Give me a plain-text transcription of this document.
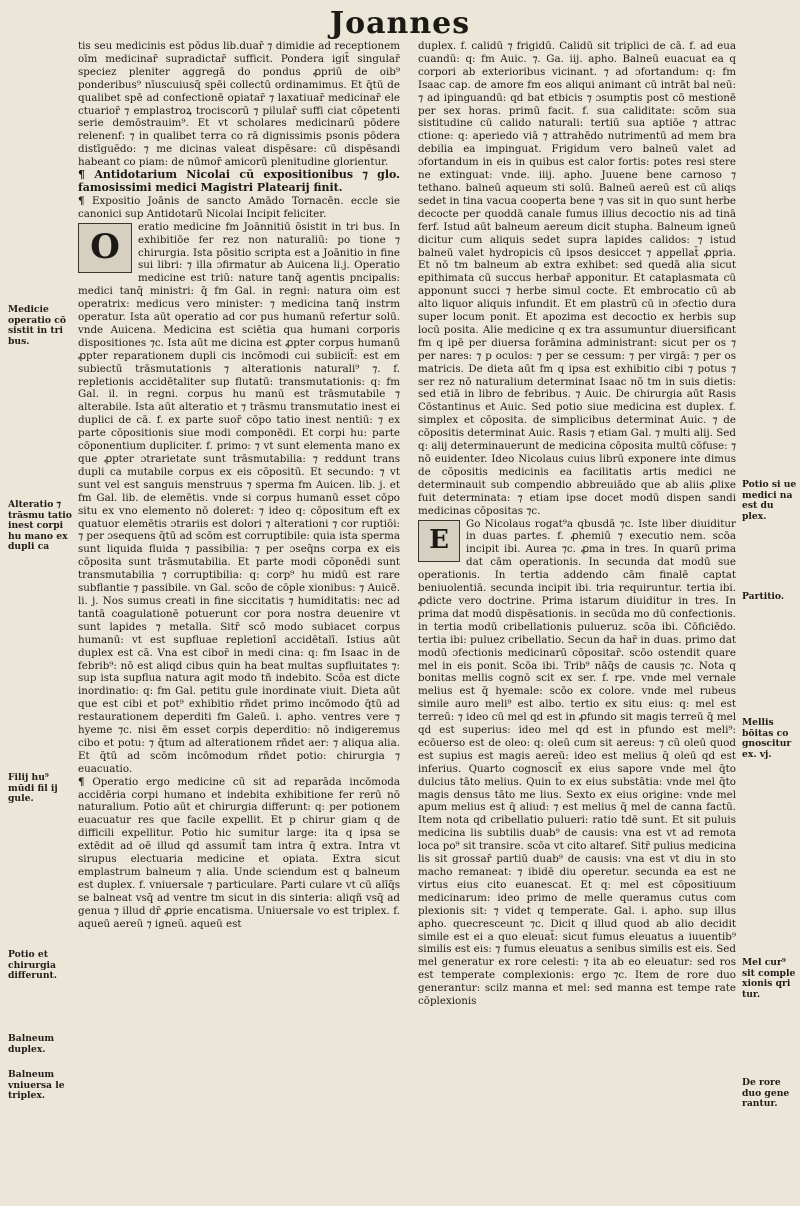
Joannes
Medicie operatio cō sistit in tri bus.
Alteratio ⁊ trāsmu tatio inest corpi hu mano ex dupli ca
Filij hu⁹ mūdi fil ij gule.
Potio et chirurgia differunt.
Balneum duplex.
Balneum vniuersa le triplex.
Potio si ue medici na est du plex.
Partitio.
Mellis bōitas co gnoscitur ex. vj.
Mel cur⁹ sit comple xionis qri tur.
De rore duo gene rantur.

tis seu medicinis est pōdus lib.duar̄ ⁊ dimidie ad receptionem oīm medicinar̄ supradictar̄ sufficit. Pondera igit̄ singular̄ speciez pleniter aggregā do pondus ꝓpriū de oib⁹ ponderibus⁹ nīuscuiusq̄ spēi collectū ordinamimus. Et q̄tū de qualibet spē ad confectionē opiatar̄ ⁊ laxatiuar̄ medicinar̄ ele ctuarior̄ ⁊ emplastroꝝ trociscorū ⁊ pilular̄ suffi ciat cōpetenti serie demōstrauim⁹. Et vt scholares medicinarū pōdere relenenf: ⁊ in qualibet terra co rā dignissimis psonis pōdera distīguēdo: ⁊ me dicinas valeat dispēsare: cū dispēsandi habeant co piam: de nūmor̄ amicorū plenitudine glorientur.

¶ Antidotarium Nicolai cū expositionibus ⁊ glo. famosissimi medici Magistri Platearij finit.

¶ Expositio Joānis de sancto Amādo Tornacēn. eccle sie canonici sup Antidotarū Nicolai Incipit feliciter.

O
eratio medicine fm Joānnitiū ōsistit in tri bus. In exhibitiōe fer rez non naturaliū: po tione ⁊ chirurgia. Ista pōsitio scripta est a Joānitio in fine sui libri: ⁊ illa ɔfirmatur ab Auicena li.j. Operatio medicine est triū: nature tanq̄ agentis pncipalis: medici tanq̄ ministri: q̄ fm Gal. in regni: natura oim est operatrix: medicus vero minister: ⁊ medicina tanq̄ instrm operatur. Ista aūt operatio ad cor pus humanū refertur solū. vnde Auicena. Medicina est sciētia qua humani corporis dispositiones ⁊c. Ista aūt me dicina est ꝓpter corpus humanū ꝓpter reparationem dupli cis incōmodi cui subiicit̄: est em subiectū trāsmutationis ⁊ alterationis naturali⁹ ⁊. f. repletionis accidētaliter sup flutatū: transmutationis: q: fm Gal. il. in regni. corpus hu manū est trāsmutabile ⁊ alterabile. Ista aūt alteratio et ⁊ trāsmu transmutatio inest ei duplici de cā. f. ex parte suor̄ cōpo tatio inest nentiū: ⁊ ex parte cōpositionis siue modi componēdi. Et corpi hu: parte cōponentium dupliciter. f. primo: ⁊ vt sunt elementa mano ex que ꝓpter ɔtrarietate sunt trāsmutabilia: ⁊ reddunt trans dupli ca mutabile corpus ex eis cōpositū. Et secundo: ⁊ vt sunt vel est sanguis menstruus ⁊ sperma fm Auicen. lib. j. et fm Gal. lib. de elemētis. vnde si corpus humanū esset cōpo situ ex vno elemento nō doleret: ⁊ ideo q: cōpositum eft ex quatuor elemētis ɔtrariis est dolori ⁊ alterationi ⁊ cor ruptiōi: ⁊ per ɔsequens q̄tū ad scōm est corruptibile: quia ista sperma sunt liquida fluida ⁊ passibilia: ⁊ per ɔseq̄ns corpa ex eis cōposita sunt trāsmutabilia. Et parte modi cōponēdi sunt transmutabilia ⁊ corruptibilia: q: corp⁹ hu midū est rare subflantie ⁊ passibile. vn Gal. scōo de cōple xionibus: ⁊ Auicē. li. j. Nos sumus creati in fine siccitatis ⁊ humiditatis: nec ad tantā coagulationē potuerunt cor pora nostra deuenire vt sunt lapides ⁊ metalla. Sitr̄ scō modo subiacet corpus humanū: vt est supfluae repletionī accidētalī. Istius aūt duplex est cā. Vna est cibor̄ in medi cina: q: fm Isaac in de febrib⁹: nō est aliqd cibus quin ha beat multas supfluitates ⁊: sup ista supflua natura agit modo tñ indebito. Scōa est dicte inordinatio: q: fm Gal. petitu gule inordinate viuit. Dieta aūt que est cibi et pot⁹ exhibitio rñdet primo incōmodo q̄tū ad restaurationem deperditi fm Galeū. i. apho. ventres vere ⁊ hyeme ⁊c. nisi ēm esset corpis deperditio: nō indigeremus cibo et potu: ⁊ q̄tum ad alterationem rñdet aer: ⁊ aliqua alia. Et q̄tū ad scōm incōmodum rñdet potio: chirurgia ⁊ euacuatio.

¶ Operatio ergo medicine cū sit ad reparāda incōmoda accidēria corpi humano et indebita exhibitione fer rerū nō naturalium. Potio aūt et chirurgia differunt: q: per potionem euacuatur res que facile expellit. Et p chirur giam q de difficili expellitur. Potio hic sumitur large: ita q ipsa se extēdit ad oē illud qd assumit̄ tam intra q̄ extra. Intra vt sirupus electuaria medicine et opiata. Extra sicut emplastrum balneum ⁊ alia. Unde sciendum est q balneum est duplex. f. vniuersale ⁊ particulare. Parti culare vt cū alīq̄s se balneat vsq̄ ad ventre tm sicut in dis sinteria: aliqñ vsq̄ ad genua ⁊ illud dr̄ ꝓprie encatisma. Uniuersale vo est triplex. f. aqueū aereū ⁊ igneū. aqueū est

duplex. f. calidū ⁊ frigidū. Calidū sit triplici de cā. f. ad eua cuandū: q: fm Auic. ⁊. Ga. iij. apho. Balneū euacuat ea q corpori ab exterioribus vicinant. ⁊ ad ɔfortandum: q: fm Isaac cap. de amore fm eos aliqui animant cū intrāt bal neū: ⁊ ad ipinguandū: qd bat etbicis ⁊ ɔsumptis post cō mestionē per sex horas. primū facit. f. sua caliditate: scōm sua sistitudine cū calido naturali: tertiū sua aptiōe ⁊ attrac ctione: q: aperiedo viā ⁊ attrahēdo nutrimentū ad mem bra debilia ea impinguat. Frigidum vero balneū valet ad ɔfortandum in eis in quibus est calor fortis: potes resi stere ne extinguat: vnde. iiij. apho. Juuene bene carnoso ⁊ tethano. balneū aqueum sti solū. Balneū aereū est cū aliqs sedet in tina vacua cooperta bene ⁊ vas sit in quo sunt herbe decocte per quoddā canale fumus illius decoctio nis ad tinā ferf. Istud aūt balneum aereum dicit stupha. Balneum igneū dicitur cum aliquis sedet supra lapides calidos: ⁊ istud balneū valet hydropicis cū ipsos desiccet ⁊ appellat̄ ꝓpria. Et nō tm balneum ab extra exhibet: sed quedā alia sicut epithimata cū succus herbar̄ apponitur. Et cataplasmata cū apponunt succi ⁊ herbe simul cocte. Et embrocatio cū ab alto liquor aliquis infundit. Et em plastrū cū in ɔfectio dura super locum ponit. Et apozima est decoctio ex herbis sup locū posita. Alie medicine q ex tra assumuntur diuersificant fm q ipē per diuersa forāmina administrant: sicut per os ⁊ per nares: ⁊ p oculos: ⁊ per se cessum: ⁊ per virgā: ⁊ per os matricis. De dieta aūt fm q ipsa est exhibitio cibi ⁊ potus ⁊ ser rez nō naturalium determinat Isaac nō tm in suis dietis: sed etiā in libro de febribus. ⁊ Auic. De chirurgia aūt Rasis Cōstantinus et Auic. Sed potio siue medicina est duplex. f. simplex et cōposita. de simplicibus determinat Auic. ⁊ de cōpositis determinat Auic. Rasis ⁊ etiam Gal. ⁊ multi alij. Sed q: alij determinauerunt de medicina cōposita multū cōfuse: ⁊ nō euidenter. Ideo Nicolaus cuius librū exponere inte dimus de cōpositis medicinis ea facilitatis artis medici ne determinauit sub compendio abbreuiādo que ab aliis ꝓlixe fuit determinata: ⁊ etiam ipse docet modū dispen sandi medicinas cōpositas ⁊c.

E
Go Nicolaus rogat⁹a qbusdā ⁊c. Iste liber diuiditur in duas partes. f. ꝓhemiū ⁊ executio nem. scōa incipit ibi. Aurea ⁊c. ꝓma in tres. In quarū prima dat cām operationis. In secunda dat modū sue operationis. In tertia addendo cām finalē captat beniuolentiā. secunda incipit ibi. tria requiruntur. tertia ibi. ꝓdicte vero doctrine. Prima istarum diuiditur in tres. In prima dat modū dispēsationis. in secūda mo dū confectionis. in tertia modū cribellationis pulueruz. scōa ibi. Cōficiēdo. tertia ibi: puluez cribellatio. Secun da har̄ in duas. primo dat modū ɔfectionis medicinarū cōpositar̄. scōo ostendit quare mel in eis ponit. Scōa ibi. Trib⁹ nāq̄s de causis ⁊c. Nota q bonitas mellis cognō scit ex ser. f. rpe. vnde mel vernale melius est q̄ hyemale: scōo ex colore. vnde mel rubeus simile auro meli⁹ est albo. tertio ex situ eius: q: mel est terreū: ⁊ ideo cū mel qd est in ꝓfundo sit magis terreū q̄ mel qd est superius: ideo mel qd est in pfundo est meli⁹: ecōuerso est de oleo: q: oleū cum sit aereus: ⁊ cū oleū quod est supius est magis aereū: ideo est melius q̄ oleū qd est inferius. Quarto cognoscit̄ ex eius sapore vnde mel q̄to dulcius tāto melius. Quin to ex eius substātia: vnde mel q̄to magis densus tāto me lius. Sexto ex eius origine: vnde mel apum melius est q̄ aliud: ⁊ est melius q̄ mel de canna factū. Item nota qd cribellatio pulueri: ratio tdē sunt. Et sit puluis medicina lis subtilis duab⁹ de causis: vna est vt ad remota loca po⁹ sit transire. scōa vt cito altaref. Sitr̄ pulius medicina lis sit grossar̄ partiū duab⁹ de causis: vna est vt diu in sto macho remaneat: ⁊ ibidē diu operetur. secunda ea est ne virtus eius cito euanescat. Et q: mel est cōpositiuum medicinarum: ideo primo de melle queramus cutus com plexionis sit: ⁊ videt q temperate. Gal. i. apho. sup illus apho. quecresceunt ⁊c. Dicit q illud quod ab alio decidit simile est ei a quo eleuat̄: sicut fumus eleuatus a iuuentib⁹ similis est eis: ⁊ fumus eleuatus a senibus similis est eis. Sed mel generatur ex rore celesti: ⁊ ita ab eo eleuatur: sed ros est temperate complexionis: ergo ⁊c. Item de rore duo generantur: scilz manna et mel: sed manna est tempe rate cōplexionis
